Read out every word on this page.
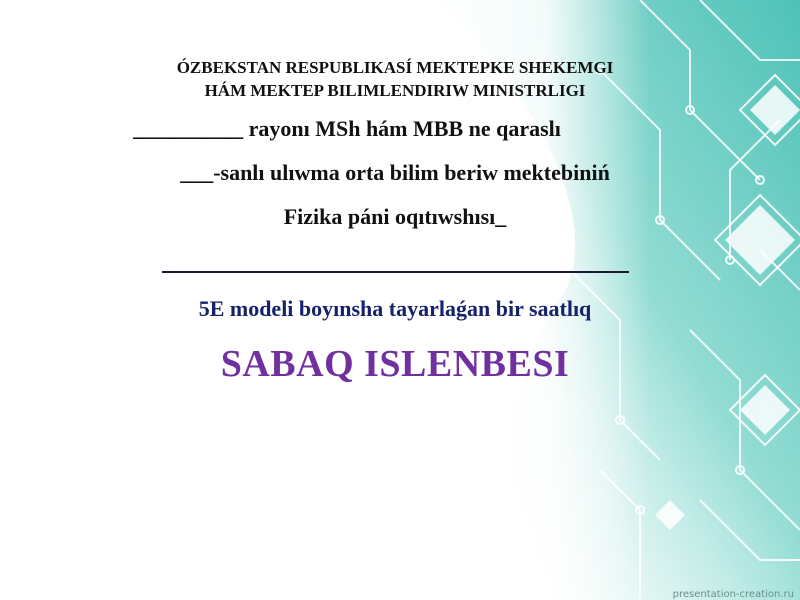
ÓZBEKSTAN RESPUBLIKASÍ MEKTEPKE SHEKEMGI
HÁM MEKTEP BILIMLENDIRIW MINISTRLIGI
__________ rayonı MSh hám MBB ne qaraslı
___-sanlı ulıwma orta bilim beriw mektebiniń
Fizika páni oqıtıwshısı_
5E modeli boyınsha tayarlaǵan bir saatlıq
SABAQ ISLENBESI
presentation-creation.ru
